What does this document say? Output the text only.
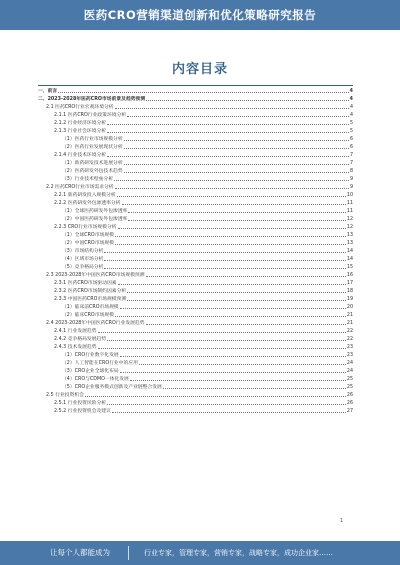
医药CRO营销渠道创新和优化策略研究报告
内容目录
一、前言	4
二、2023-2028年医药CRO市场前景及趋势预测	4
2.1 医药CRO行业宏观环境分析	4
2.1.1 医药CRO行业政策环境分析	4
2.1.2 行业经济环境分析	5
2.1.3 行业社会环境分析	5
（1）医药行业市场规模分析	6
（2）医药行业发展现状分析	6
2.1.4 行业技术环境分析	7
（1）新药研发技术进展分析	7
（2）医药研发外包技术趋势	8
（3）行业技术壁垒分析	9
2.2 医药CRO行业市场需求分析	9
2.2.1 新药研发投入规模分析	10
2.2.2 医药研发外包渗透率分析	11
（1）全球医药研发外包渗透率	11
（2）中国医药研发外包渗透率	12
2.2.3 CRO行业市场规模分析	12
（1）全球CRO市场规模	13
（2）中国CRO市场规模	13
（3）市场结构分析	14
（4）区域市场分析	14
（5）竞争格局分析	15
2.3 2023-2028年中国医药CRO市场规模预测	16
2.3.1 医药CRO市场驱动因素	17
2.3.2 医药CRO市场制约因素分析	18
2.3.3 中国医药CRO市场规模预测	19
（1）临床前CRO市场规模	20
（2）临床CRO市场规模	21
2.4 2023-2028年中国医药CRO行业发展趋势	21
2.4.1 行业发展趋势	22
2.4.2 竞争格局发展趋势	22
2.4.3 技术发展趋势	23
（1）CRO行业数字化发展	23
（2）人工智能在CRO行业中的应用	24
（3）CRO企业全球化布局	24
（4）CRO与CDMO一体化发展	25
（5）CRO企业服务模式创新及产业链整合发展	25
2.5 行业投资机会	26
2.5.1 行业投资风险分析	26
2.5.2 行业投资机会及建议	27
让每个人都能成为	行业专家，管理专家，营销专家，战略专家，成功企业家……
1
